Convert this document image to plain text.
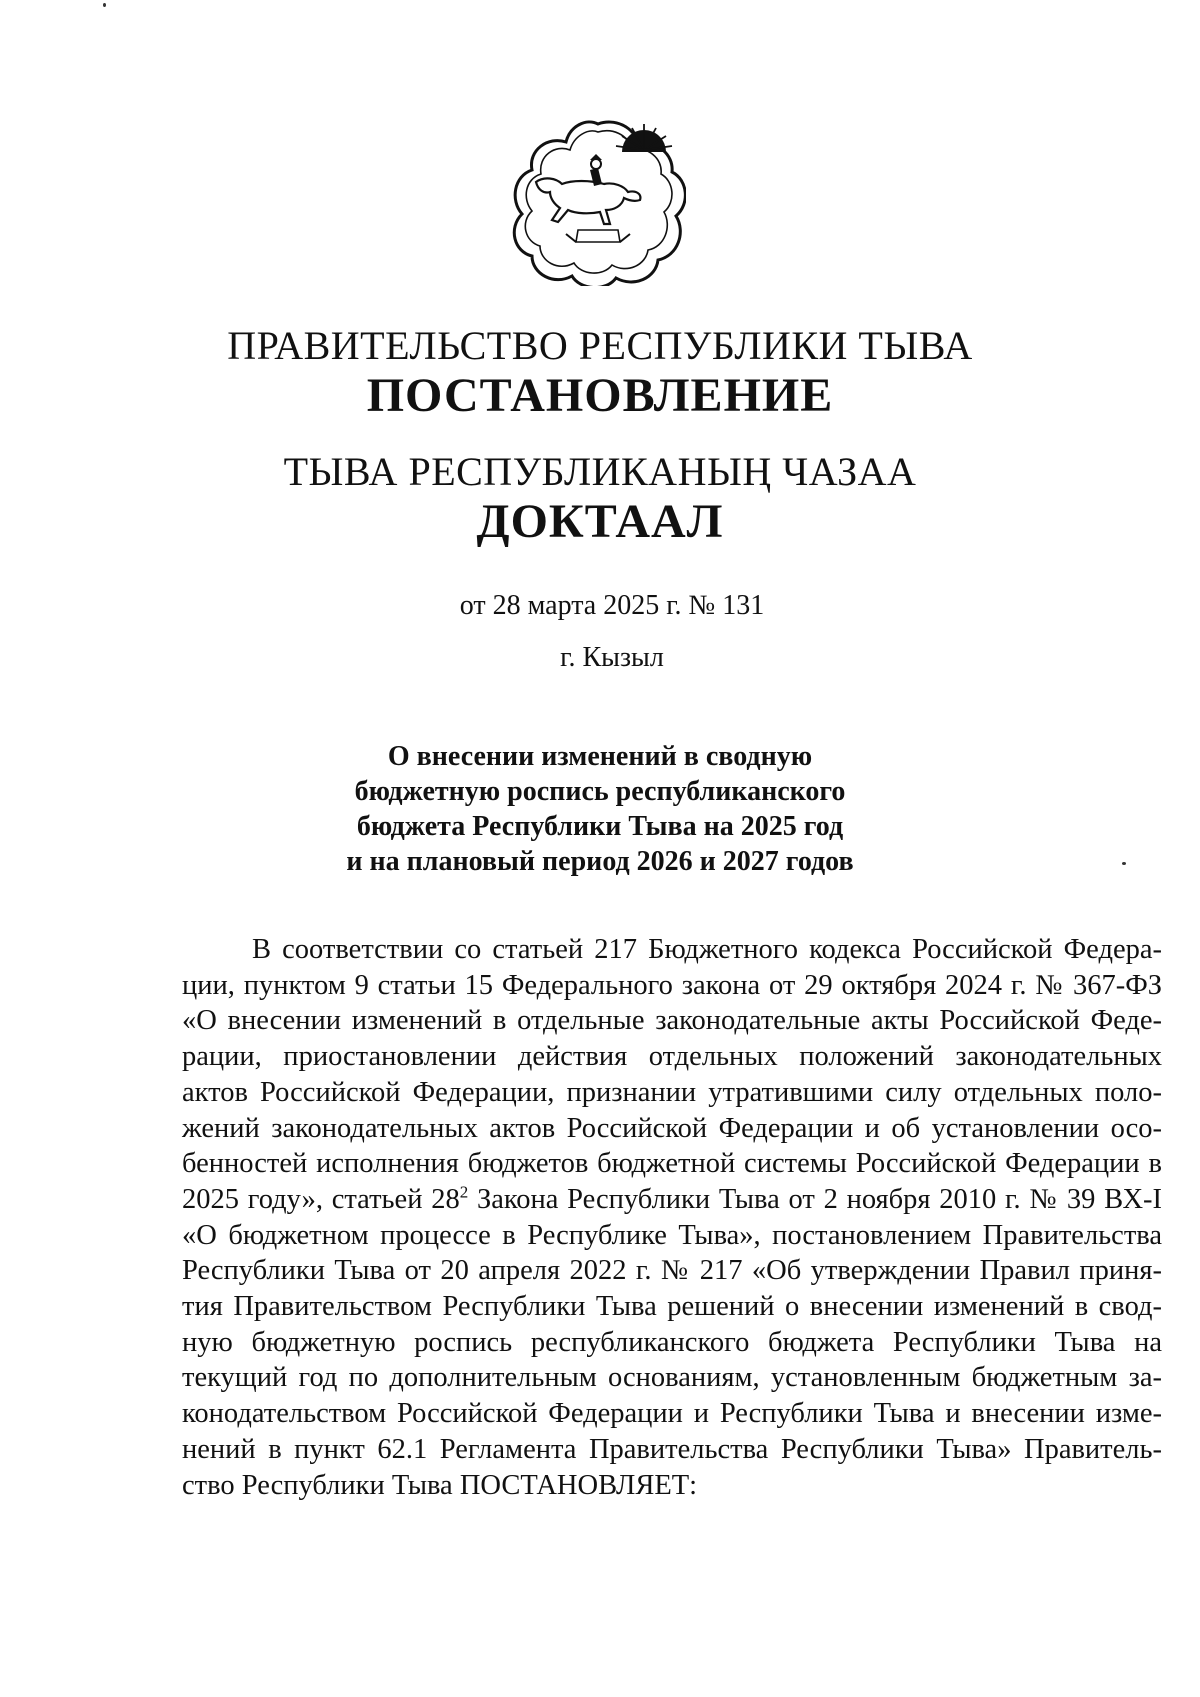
ПРАВИТЕЛЬСТВО РЕСПУБЛИКИ ТЫВА
ПОСТАНОВЛЕНИЕ
ТЫВА РЕСПУБЛИКАНЫҢ ЧАЗАА
ДОКТААЛ
от 28 марта 2025 г. № 131
г. Кызыл
О внесении изменений в сводную
бюджетную роспись республиканского
бюджета Республики Тыва на 2025 год
и на плановый период 2026 и 2027 годов
В соответствии со статьей 217 Бюджетного кодекса Российской Федера-
ции, пунктом 9 статьи 15 Федерального закона от 29 октября 2024 г. № 367-ФЗ
«О внесении изменений в отдельные законодательные акты Российской Феде-
рации, приостановлении действия отдельных положений законодательных
актов Российской Федерации, признании утратившими силу отдельных поло-
жений законодательных актов Российской Федерации и об установлении осо-
бенностей исполнения бюджетов бюджетной системы Российской Федерации в
2025 году», статьей $28^2$ Закона Республики Тыва от 2 ноября 2010 г. № 39 ВХ-I
«О бюджетном процессе в Республике Тыва», постановлением Правительства
Республики Тыва от 20 апреля 2022 г. № 217 «Об утверждении Правил приня-
тия Правительством Республики Тыва решений о внесении изменений в свод-
ную бюджетную роспись республиканского бюджета Республики Тыва на
текущий год по дополнительным основаниям, установленным бюджетным за-
конодательством Российской Федерации и Республики Тыва и внесении изме-
нений в пункт 62.1 Регламента Правительства Республики Тыва» Правитель-
ство Республики Тыва ПОСТАНОВЛЯЕТ:
